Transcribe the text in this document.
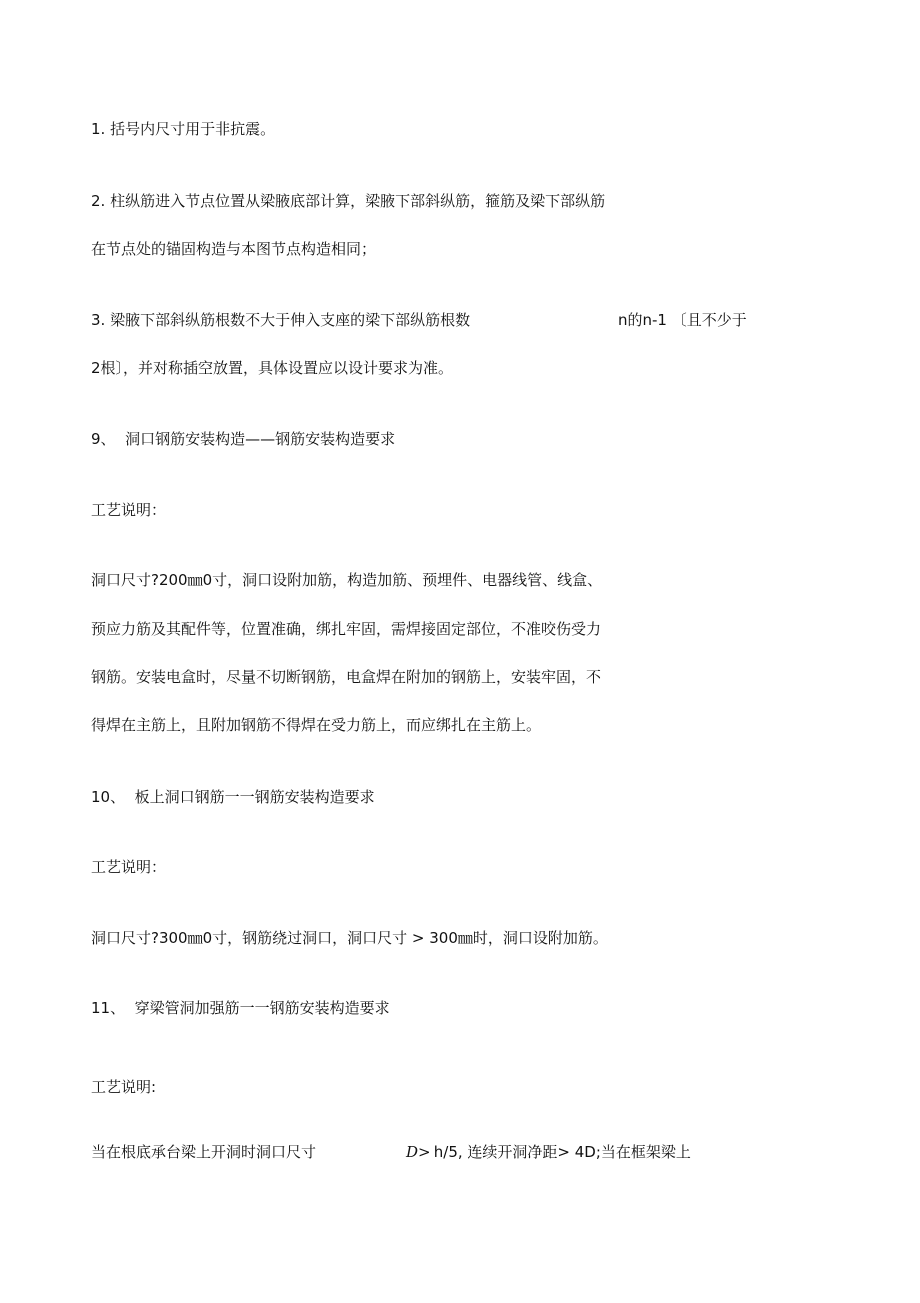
1. 括号内尺寸用于非抗震。

2. 柱纵筋进入节点位置从梁腋底部计算，梁腋下部斜纵筋，箍筋及梁下部纵筋

在节点处的锚固构造与本图节点构造相同；

3. 梁腋下部斜纵筋根数不大于伸入支座的梁下部纵筋根数

	n的n-1 〔且不少于

2根〕，并对称插空放置，具体设置应以设计要求为准。

9、  洞口钢筋安装构造——钢筋安装构造要求

工艺说明：

洞口尺寸?200㎜0寸，洞口设附加筋，构造加筋、预埋件、电器线管、线盒、

预应力筋及其配件等，位置准确，绑扎牢固，需焊接固定部位，不准咬伤受力

钢筋。安装电盒时，尽量不切断钢筋，电盒焊在附加的钢筋上，安装牢固，不

得焊在主筋上，且附加钢筋不得焊在受力筋上，而应绑扎在主筋上。

10、  板上洞口钢筋一一钢筋安装构造要求

工艺说明：

洞口尺寸?300㎜0寸，钢筋绕过洞口，洞口尺寸 > 300㎜时，洞口设附加筋。

11、  穿梁管洞加强筋一一钢筋安装构造要求

工艺说明:

当在根底承台梁上开洞时洞口尺寸

	D>

h/5, 连续开洞净距> 4D;当在框架梁上
